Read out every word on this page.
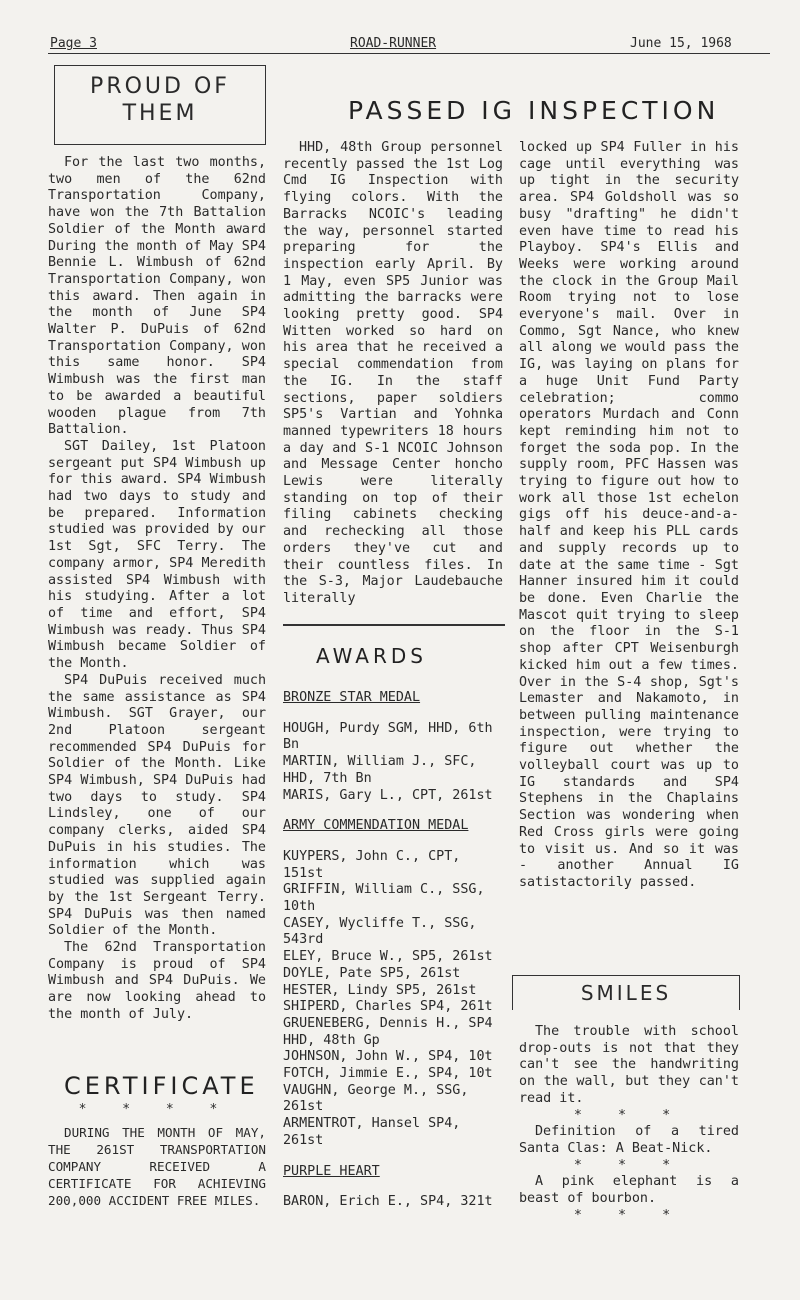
Page 3	ROAD-RUNNER	June 15, 1968
PROUD OF
THEM

For the last two months, two men of the 62nd Transportation Company, have won the 7th Battalion Soldier of the Month award During the month of May SP4 Bennie L. Wimbush of 62nd Transportation Company, won this award. Then again in the month of June SP4 Walter P. DuPuis of 62nd Transportation Company, won this same honor. SP4 Wimbush was the first man to be awarded a beautiful wooden plague from 7th Battalion.

SGT Dailey, 1st Platoon sergeant put SP4 Wimbush up for this award. SP4 Wimbush had two days to study and be prepared. Information studied was provided by our 1st Sgt, SFC Terry. The company armor, SP4 Meredith assisted SP4 Wimbush with his studying. After a lot of time and effort, SP4 Wimbush was ready. Thus SP4 Wimbush became Soldier of the Month.

SP4 DuPuis received much the same assistance as SP4 Wimbush. SGT Grayer, our 2nd Platoon sergeant recommended SP4 DuPuis for Soldier of the Month. Like SP4 Wimbush, SP4 DuPuis had two days to study. SP4 Lindsley, one of our company clerks, aided SP4 DuPuis in his studies. The information which was studied was supplied again by the 1st Sergeant Terry. SP4 DuPuis was then named Soldier of the Month.

The 62nd Transportation Company is proud of SP4 Wimbush and SP4 DuPuis. We are now looking ahead to the month of July.

CERTIFICATE
* * * *

DURING THE MONTH OF MAY, THE 261ST TRANSPORTATION COMPANY RECEIVED A CERTIFICATE FOR ACHIEVING 200,000 ACCIDENT FREE MILES.

PASSED IG INSPECTION

HHD, 48th Group personnel recently passed the 1st Log Cmd IG Inspection with flying colors. With the Barracks NCOIC's leading the way, personnel started preparing for the inspection early April. By 1 May, even SP5 Junior was admitting the barracks were looking pretty good. SP4 Witten worked so hard on his area that he received a special commendation from the IG. In the staff sections, paper soldiers SP5's Vartian and Yohnka manned typewriters 18 hours a day and S-1 NCOIC Johnson and Message Center honcho Lewis were literally standing on top of their filing cabinets checking and rechecking all those orders they've cut and their countless files. In the S-3, Major Laudebauche literally

locked up SP4 Fuller in his cage until everything was up tight in the security area. SP4 Goldsholl was so busy "drafting" he didn't even have time to read his Playboy. SP4's Ellis and Weeks were working around the clock in the Group Mail Room trying not to lose everyone's mail. Over in Commo, Sgt Nance, who knew all along we would pass the IG, was laying on plans for a huge Unit Fund Party celebration; commo operators Murdach and Conn kept reminding him not to forget the soda pop. In the supply room, PFC Hassen was trying to figure out how to work all those 1st echelon gigs off his deuce-and-a-half and keep his PLL cards and supply records up to date at the same time - Sgt Hanner insured him it could be done. Even Charlie the Mascot quit trying to sleep on the floor in the S-1 shop after CPT Weisenburgh kicked him out a few times. Over in the S-4 shop, Sgt's Lemaster and Nakamoto, in between pulling maintenance inspection, were trying to figure out whether the volleyball court was up to IG standards and SP4 Stephens in the Chaplains Section was wondering when Red Cross girls were going to visit us. And so it was - another Annual IG satistactorily passed.

AWARDS
BRONZE STAR MEDAL
HOUGH, Purdy SGM, HHD, 6th
Bn
MARTIN, William J., SFC,
HHD, 7th Bn
MARIS, Gary L., CPT, 261st
ARMY COMMENDATION MEDAL
KUYPERS, John C., CPT,
151st
GRIFFIN, William C., SSG,
10th
CASEY, Wycliffe T., SSG,
543rd
ELEY, Bruce W., SP5, 261st
DOYLE, Pate SP5, 261st
HESTER, Lindy SP5, 261st
SHIPERD, Charles SP4, 261t
GRUENEBERG, Dennis H., SP4
HHD, 48th Gp
JOHNSON, John W., SP4, 10t
FOTCH, Jimmie E., SP4, 10t
VAUGHN, George M., SSG,
261st
ARMENTROT, Hansel SP4,
261st
PURPLE HEART
BARON, Erich E., SP4, 321t
SMILES

The trouble with school drop-outs is not that they can't see the handwriting on the wall, but they can't read it.

* * *

Definition of a tired Santa Clas: A Beat-Nick.

* * *

A pink elephant is a beast of bourbon.

* * *
